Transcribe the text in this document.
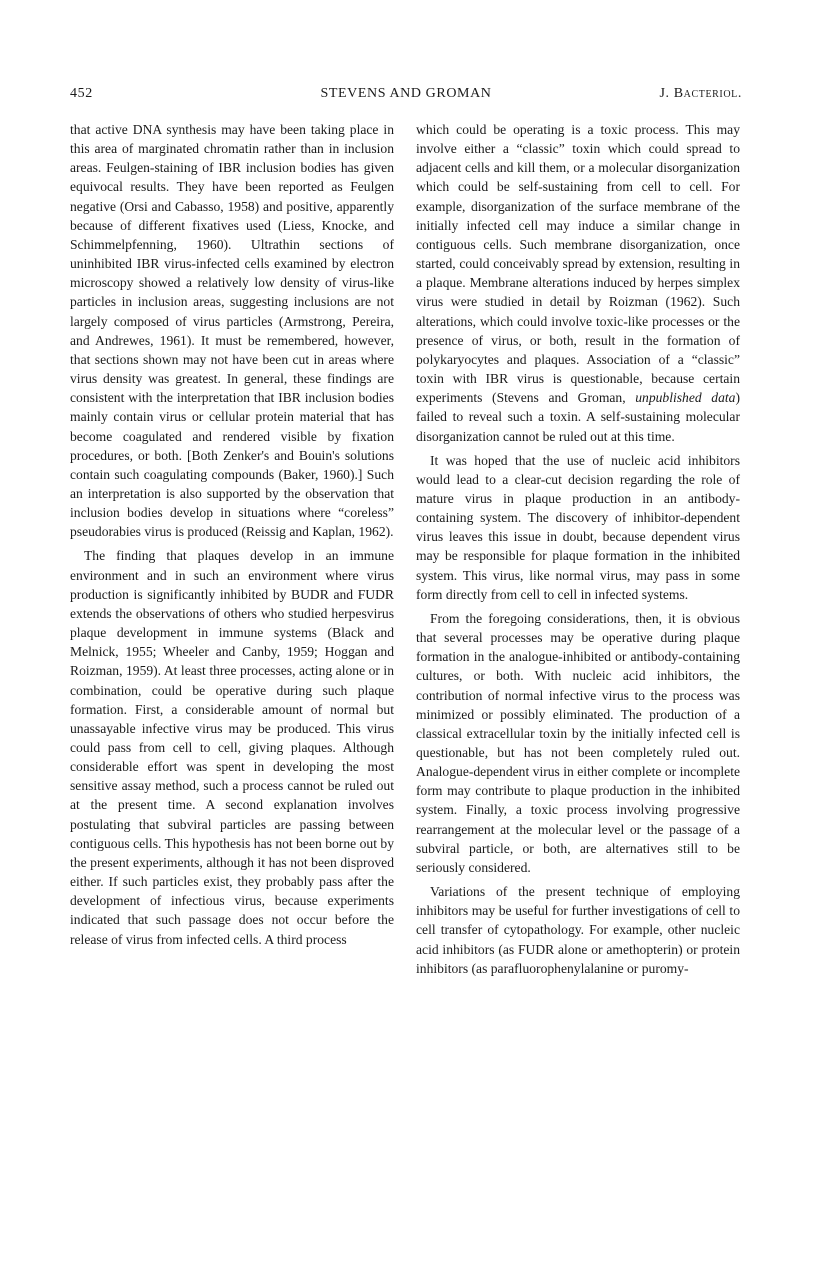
452	STEVENS AND GROMAN	J. Bacteriol.

that active DNA synthesis may have been taking place in this area of marginated chromatin rather than in inclusion areas. Feulgen-staining of IBR inclusion bodies has given equivocal results. They have been reported as Feulgen negative (Orsi and Cabasso, 1958) and positive, apparently because of different fixatives used (Liess, Knocke, and Schimmelpfenning, 1960). Ultrathin sections of uninhibited IBR virus-infected cells examined by electron microscopy showed a relatively low density of virus-like particles in inclusion areas, suggesting inclusions are not largely composed of virus particles (Armstrong, Pereira, and Andrewes, 1961). It must be remembered, however, that sections shown may not have been cut in areas where virus density was greatest. In general, these findings are consistent with the interpretation that IBR inclusion bodies mainly contain virus or cellular protein material that has become coagulated and rendered visible by fixation procedures, or both. [Both Zenker's and Bouin's solutions contain such coagulating compounds (Baker, 1960).] Such an interpretation is also supported by the observation that inclusion bodies develop in situations where “coreless” pseudorabies virus is produced (Reissig and Kaplan, 1962).

The finding that plaques develop in an immune environment and in such an environment where virus production is significantly inhibited by BUDR and FUDR extends the observations of others who studied herpesvirus plaque development in immune systems (Black and Melnick, 1955; Wheeler and Canby, 1959; Hoggan and Roizman, 1959). At least three processes, acting alone or in combination, could be operative during such plaque formation. First, a considerable amount of normal but unassayable infective virus may be produced. This virus could pass from cell to cell, giving plaques. Although considerable effort was spent in developing the most sensitive assay method, such a process cannot be ruled out at the present time. A second explanation involves postulating that subviral particles are passing between contiguous cells. This hypothesis has not been borne out by the present experiments, although it has not been disproved either. If such particles exist, they probably pass after the development of infectious virus, because experiments indicated that such passage does not occur before the release of virus from infected cells. A third process

which could be operating is a toxic process. This may involve either a “classic” toxin which could spread to adjacent cells and kill them, or a molecular disorganization which could be self-sustaining from cell to cell. For example, disorganization of the surface membrane of the initially infected cell may induce a similar change in contiguous cells. Such membrane disorganization, once started, could conceivably spread by extension, resulting in a plaque. Membrane alterations induced by herpes simplex virus were studied in detail by Roizman (1962). Such alterations, which could involve toxic-like processes or the presence of virus, or both, result in the formation of polykaryocytes and plaques. Association of a “classic” toxin with IBR virus is questionable, because certain experiments (Stevens and Groman, unpublished data) failed to reveal such a toxin. A self-sustaining molecular disorganization cannot be ruled out at this time.

It was hoped that the use of nucleic acid inhibitors would lead to a clear-cut decision regarding the role of mature virus in plaque production in an antibody-containing system. The discovery of inhibitor-dependent virus leaves this issue in doubt, because dependent virus may be responsible for plaque formation in the inhibited system. This virus, like normal virus, may pass in some form directly from cell to cell in infected systems.

From the foregoing considerations, then, it is obvious that several processes may be operative during plaque formation in the analogue-inhibited or antibody-containing cultures, or both. With nucleic acid inhibitors, the contribution of normal infective virus to the process was minimized or possibly eliminated. The production of a classical extracellular toxin by the initially infected cell is questionable, but has not been completely ruled out. Analogue-dependent virus in either complete or incomplete form may contribute to plaque production in the inhibited system. Finally, a toxic process involving progressive rearrangement at the molecular level or the passage of a subviral particle, or both, are alternatives still to be seriously considered.

Variations of the present technique of employing inhibitors may be useful for further investigations of cell to cell transfer of cytopathology. For example, other nucleic acid inhibitors (as FUDR alone or amethopterin) or protein inhibitors (as parafluorophenylalanine or puromy-
